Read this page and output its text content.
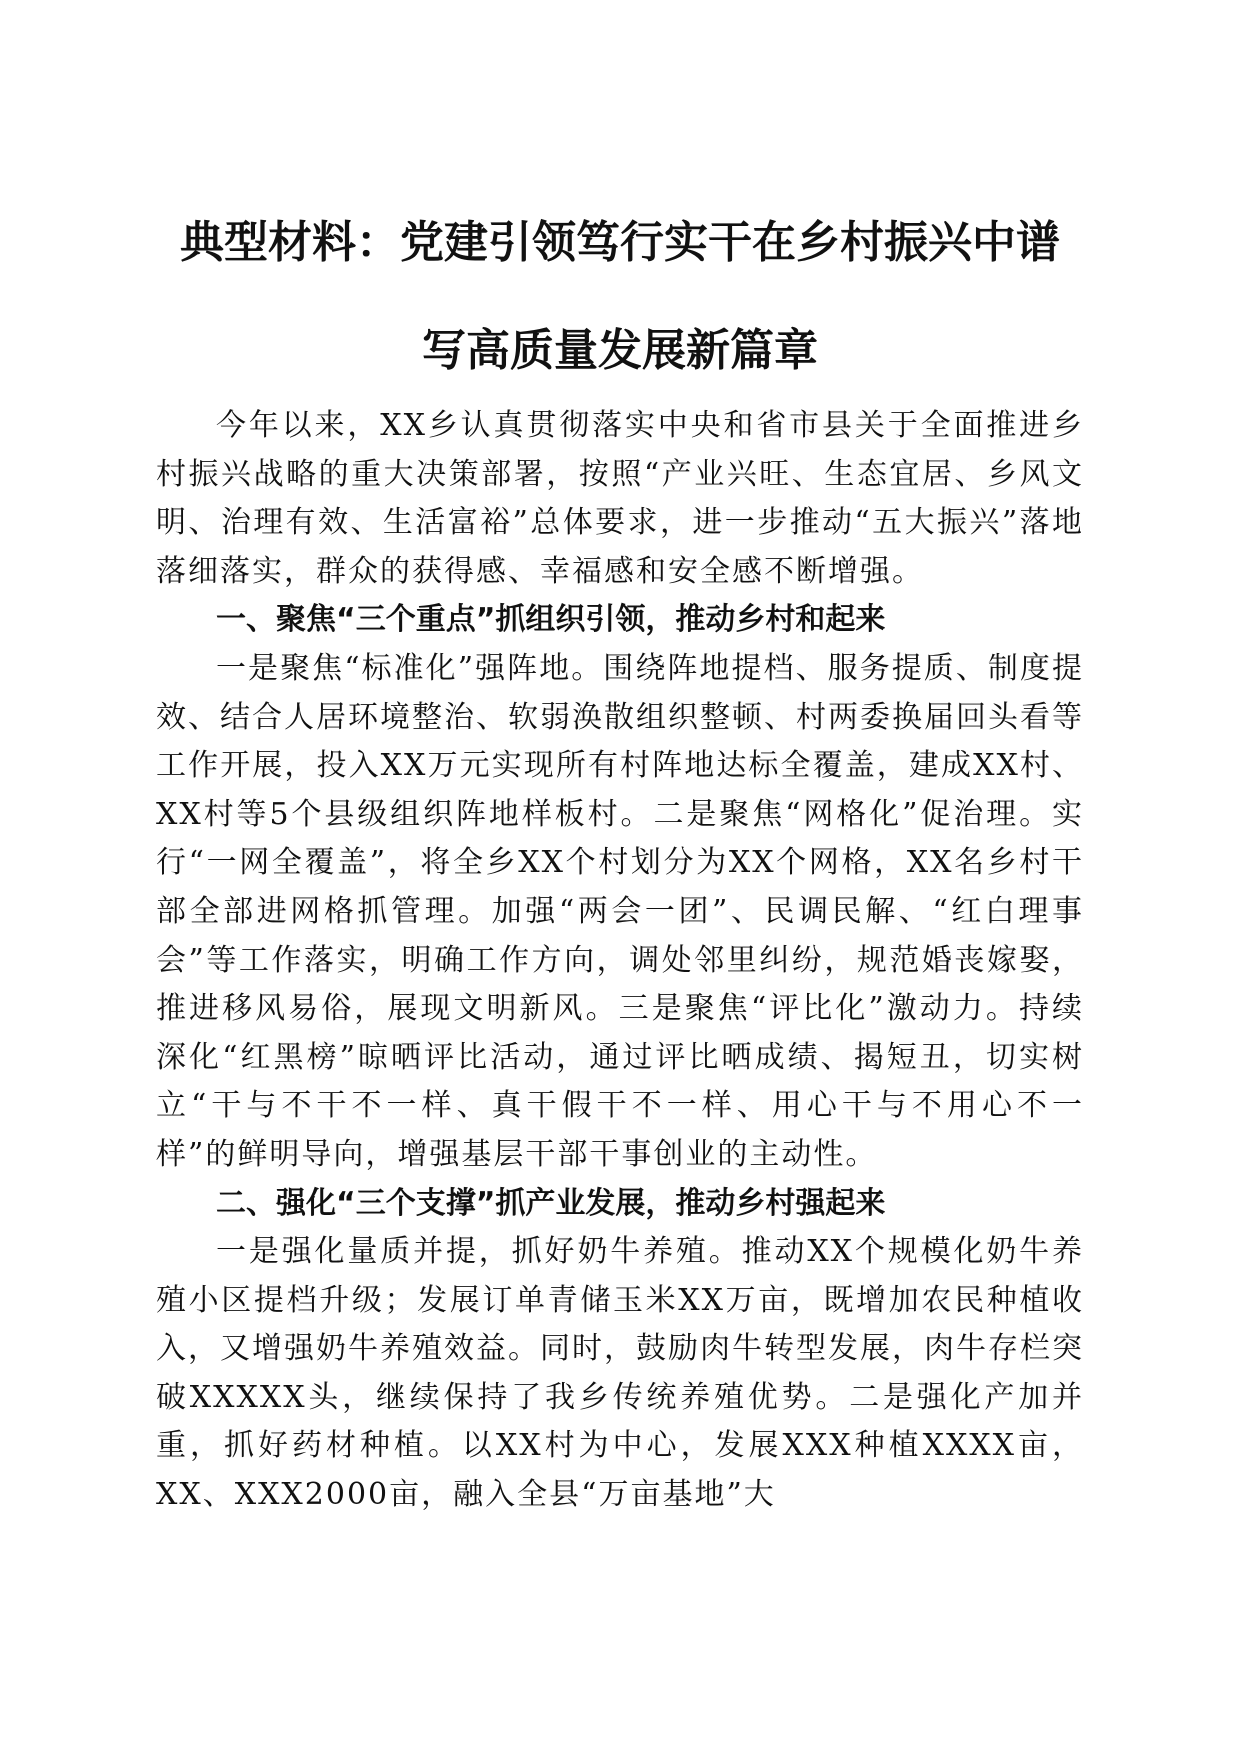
典型材料：党建引领笃行实干在乡村振兴中谱
写高质量发展新篇章

今年以来，XX乡认真贯彻落实中央和省市县关于全面推进乡村振兴战略的重大决策部署，按照“产业兴旺、生态宜居、乡风文明、治理有效、生活富裕”总体要求，进一步推动“五大振兴”落地落细落实，群众的获得感、幸福感和安全感不断增强。

一、聚焦“三个重点”抓组织引领，推动乡村和起来

一是聚焦“标准化”强阵地。围绕阵地提档、服务提质、制度提效、结合人居环境整治、软弱涣散组织整顿、村两委换届回头看等工作开展，投入XX万元实现所有村阵地达标全覆盖，建成XX村、XX村等5个县级组织阵地样板村。二是聚焦“网格化”促治理。实行“一网全覆盖”，将全乡XX个村划分为XX个网格，XX名乡村干部全部进网格抓管理。加强“两会一团”、民调民解、“红白理事会”等工作落实，明确工作方向，调处邻里纠纷，规范婚丧嫁娶，推进移风易俗，展现文明新风。三是聚焦“评比化”激动力。持续深化“红黑榜”晾晒评比活动，通过评比晒成绩、揭短丑，切实树立“干与不干不一样、真干假干不一样、用心干与不用心不一样”的鲜明导向，增强基层干部干事创业的主动性。

二、强化“三个支撑”抓产业发展，推动乡村强起来

一是强化量质并提，抓好奶牛养殖。推动XX个规模化奶牛养殖小区提档升级；发展订单青储玉米XX万亩，既增加农民种植收入，又增强奶牛养殖效益。同时，鼓励肉牛转型发展，肉牛存栏突破XXXXX头，继续保持了我乡传统养殖优势。二是强化产加并重，抓好药材种植。以XX村为中心，发展XXX种植XXXX亩，XX、XXX2000亩，融入全县“万亩基地”大
